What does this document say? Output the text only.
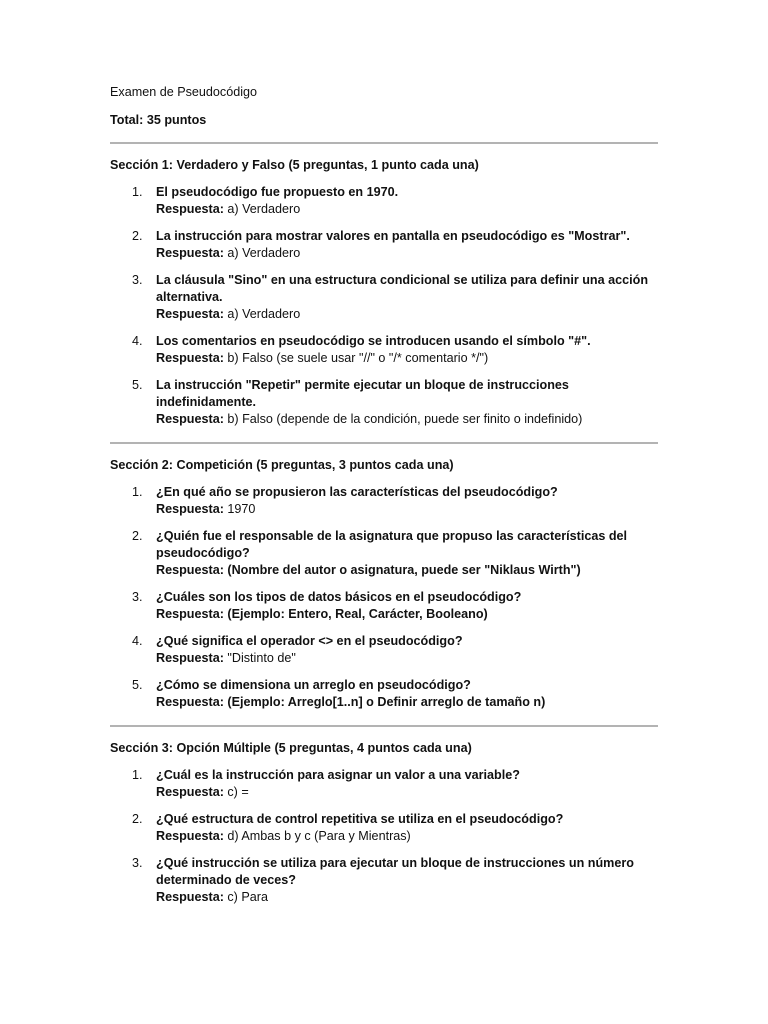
Examen de Pseudocódigo

Total: 35 puntos

Sección 1: Verdadero y Falso (5 preguntas, 1 punto cada una)

1.	El pseudocódigo fue propuesto en 1970.
Respuesta: a) Verdadero
2.	La instrucción para mostrar valores en pantalla en pseudocódigo es "Mostrar".
Respuesta: a) Verdadero
3.	La cláusula "Sino" en una estructura condicional se utiliza para definir una acción alternativa.
Respuesta: a) Verdadero
4.	Los comentarios en pseudocódigo se introducen usando el símbolo "#".
Respuesta: b) Falso (se suele usar "//" o "/* comentario */")
5.	La instrucción "Repetir" permite ejecutar un bloque de instrucciones indefinidamente.
Respuesta: b) Falso (depende de la condición, puede ser finito o indefinido)

Sección 2: Competición (5 preguntas, 3 puntos cada una)

1.	¿En qué año se propusieron las características del pseudocódigo?
Respuesta: 1970
2.	¿Quién fue el responsable de la asignatura que propuso las características del pseudocódigo?
Respuesta: (Nombre del autor o asignatura, puede ser "Niklaus Wirth")
3.	¿Cuáles son los tipos de datos básicos en el pseudocódigo?
Respuesta: (Ejemplo: Entero, Real, Carácter, Booleano)
4.	¿Qué significa el operador <> en el pseudocódigo?
Respuesta: "Distinto de"
5.	¿Cómo se dimensiona un arreglo en pseudocódigo?
Respuesta: (Ejemplo: Arreglo[1..n] o Definir arreglo de tamaño n)

Sección 3: Opción Múltiple (5 preguntas, 4 puntos cada una)

1.	¿Cuál es la instrucción para asignar un valor a una variable?
Respuesta: c) =
2.	¿Qué estructura de control repetitiva se utiliza en el pseudocódigo?
Respuesta: d) Ambas b y c (Para y Mientras)
3.	¿Qué instrucción se utiliza para ejecutar un bloque de instrucciones un número determinado de veces?
Respuesta: c) Para
